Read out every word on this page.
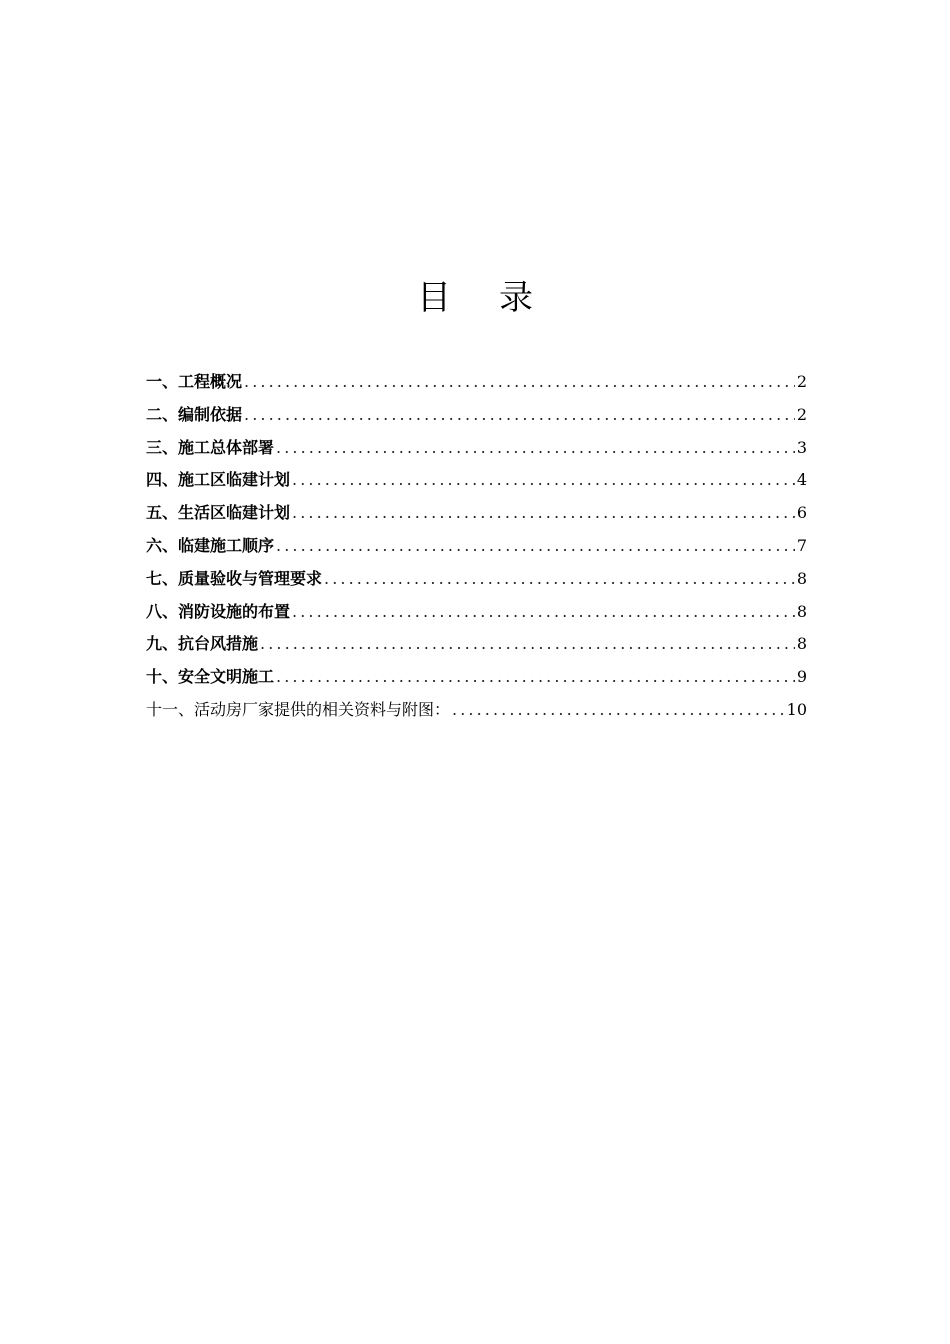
目 录
一、工程概况 .....	2
二、编制依据 .....	2
三、施工总体部署 .....	3
四、施工区临建计划 .....	4
五、生活区临建计划 .....	6
六、临建施工顺序 .....	7
七、质量验收与管理要求 .....	8
八、消防设施的布置 .....	8
九、抗台风措施 .....	8
十、安全文明施工 .....	9
十一、活动房厂家提供的相关资料与附图： .....	10
